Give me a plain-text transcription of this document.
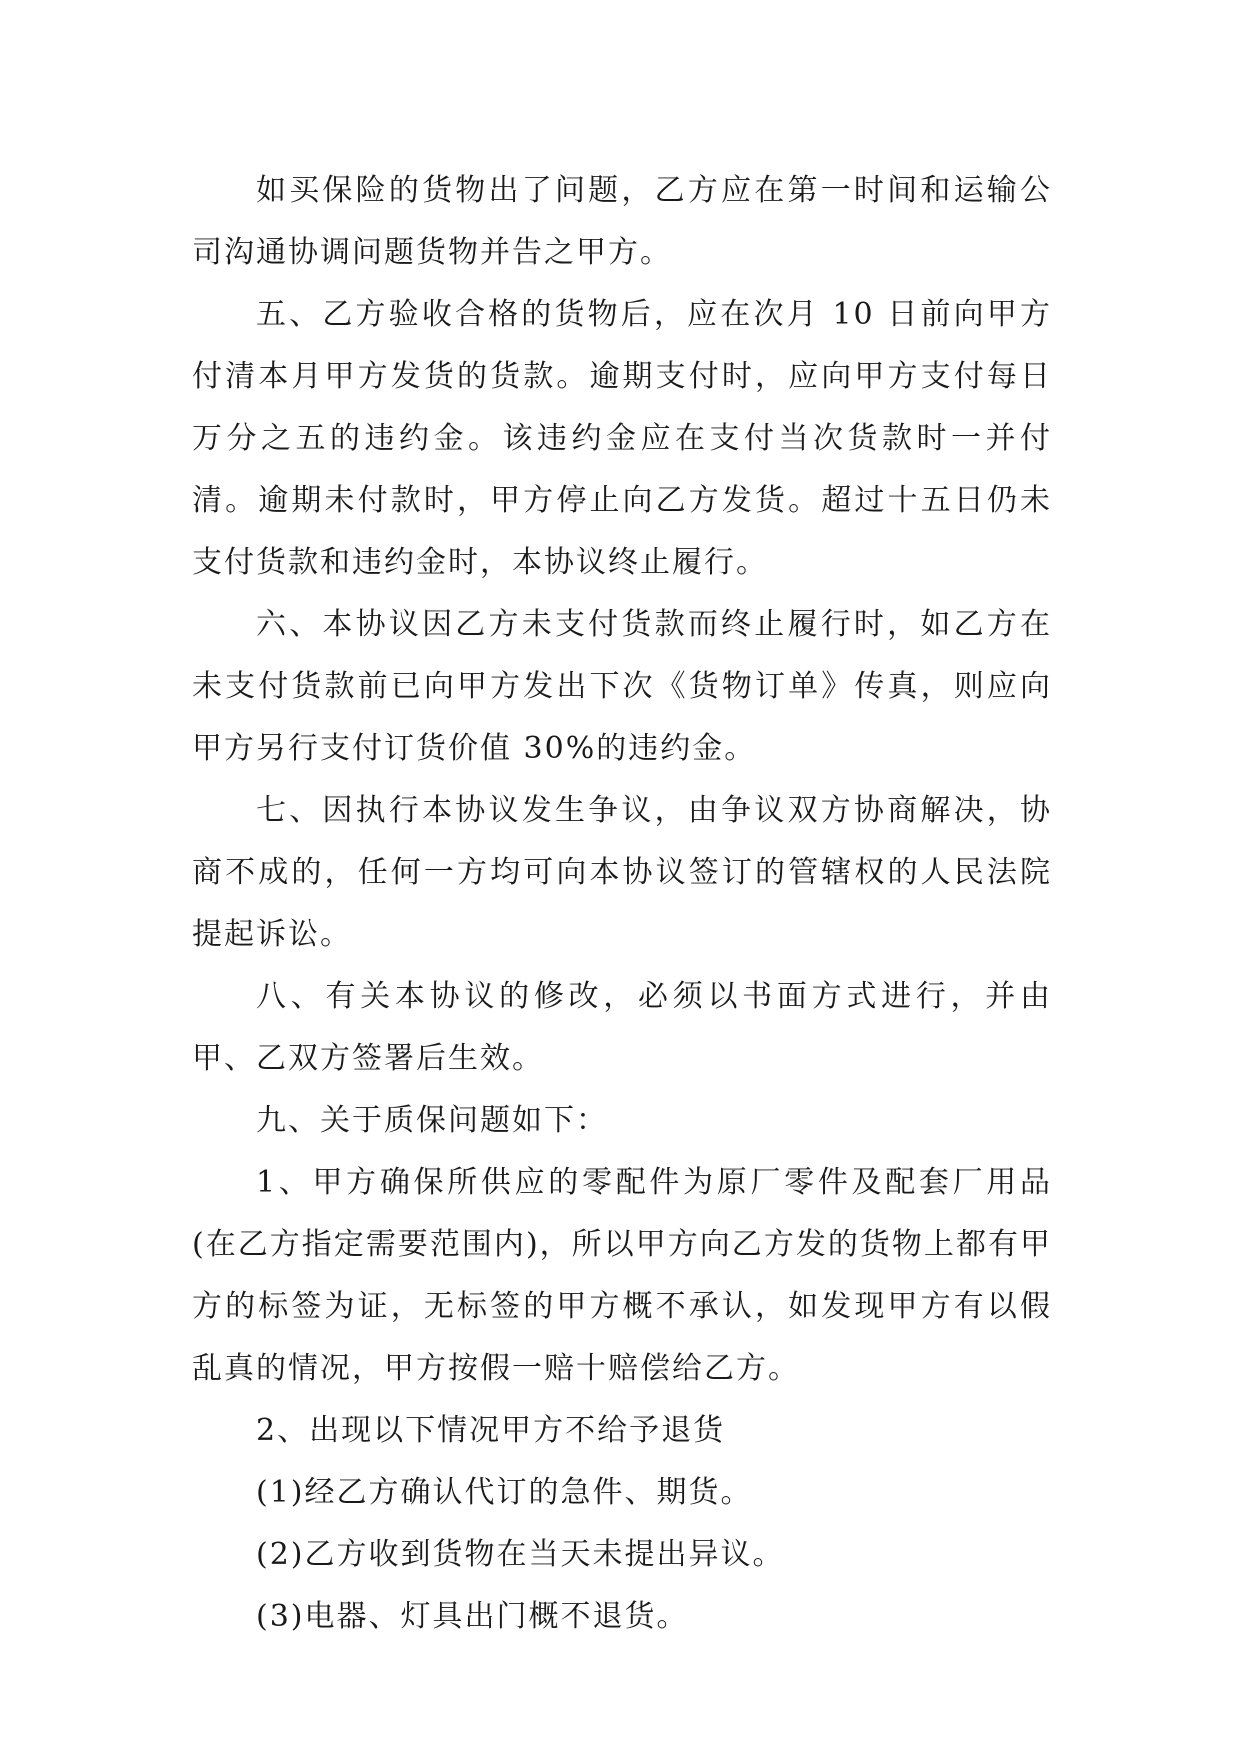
如买保险的货物出了问题，乙方应在第一时间和运输公司沟通协调问题货物并告之甲方。

五、乙方验收合格的货物后，应在次月 10 日前向甲方付清本月甲方发货的货款。逾期支付时，应向甲方支付每日万分之五的违约金。该违约金应在支付当次货款时一并付清。逾期未付款时，甲方停止向乙方发货。超过十五日仍未支付货款和违约金时，本协议终止履行。

六、本协议因乙方未支付货款而终止履行时，如乙方在未支付货款前已向甲方发出下次《货物订单》传真，则应向甲方另行支付订货价值 30%的违约金。

七、因执行本协议发生争议，由争议双方协商解决，协商不成的，任何一方均可向本协议签订的管辖权的人民法院提起诉讼。

八、有关本协议的修改，必须以书面方式进行，并由甲、乙双方签署后生效。

九、关于质保问题如下：

1、甲方确保所供应的零配件为原厂零件及配套厂用品(在乙方指定需要范围内)，所以甲方向乙方发的货物上都有甲方的标签为证，无标签的甲方概不承认，如发现甲方有以假乱真的情况，甲方按假一赔十赔偿给乙方。

2、出现以下情况甲方不给予退货

(1)经乙方确认代订的急件、期货。

(2)乙方收到货物在当天未提出异议。

(3)电器、灯具出门概不退货。
